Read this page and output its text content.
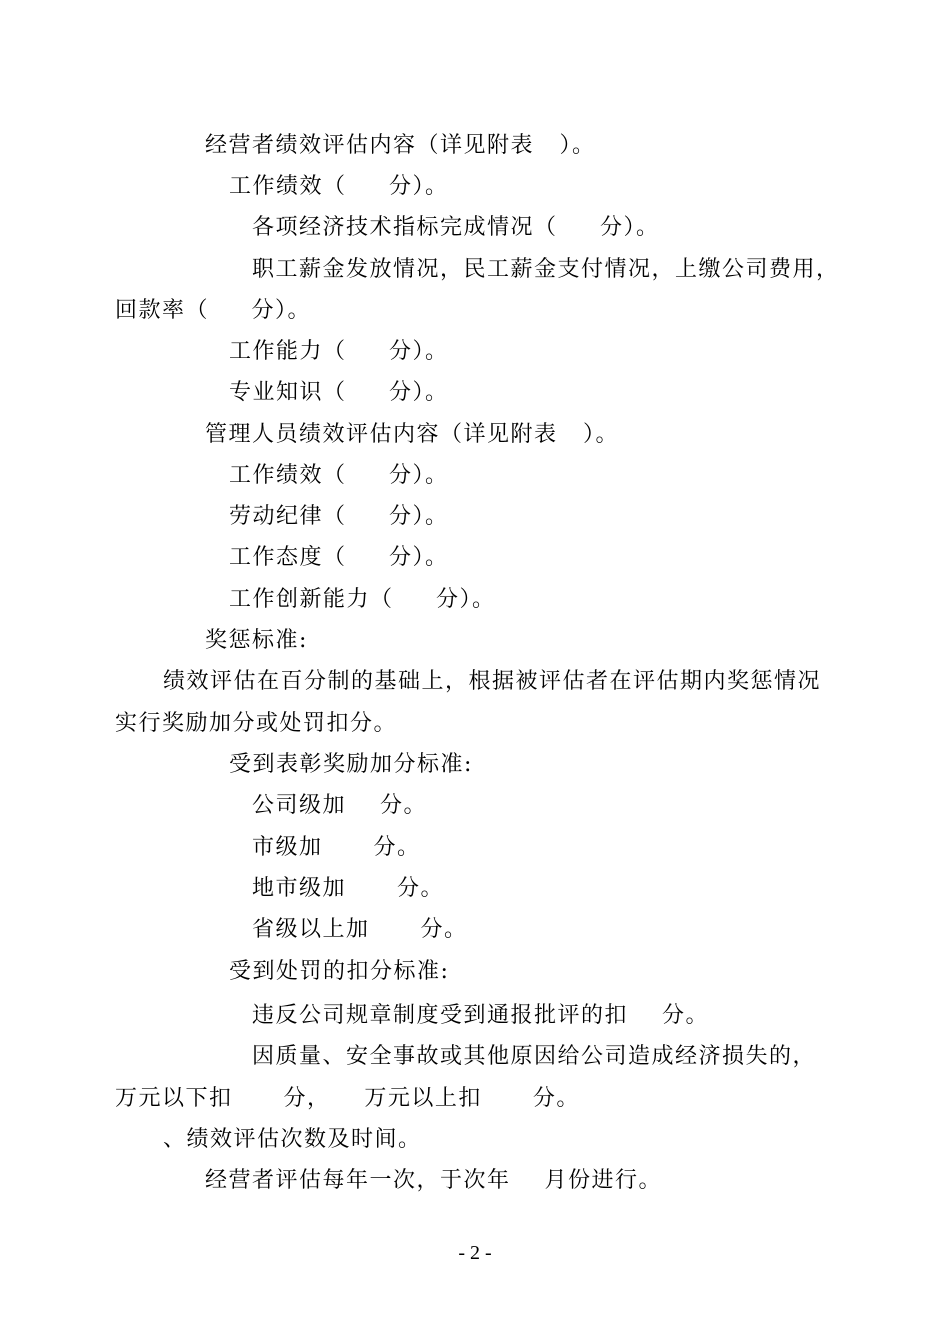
经营者绩效评估内容（详见附表   ）。
工作绩效（     分）。
各项经济技术指标完成情况（     分）。
职工薪金发放情况，民工薪金支付情况，上缴公司费用，
回款率（     分）。
工作能力（     分）。
专业知识（     分）。
管理人员绩效评估内容（详见附表   ）。
工作绩效（     分）。
劳动纪律（     分）。
工作态度（     分）。
工作创新能力（     分）。
奖惩标准:
绩效评估在百分制的基础上，根据被评估者在评估期内奖惩情况
实行奖励加分或处罚扣分。
受到表彰奖励加分标准:
公司级加    分。
市级加      分。
地市级加      分。
省级以上加      分。
受到处罚的扣分标准:
违反公司规章制度受到通报批评的扣    分。
因质量、安全事故或其他原因给公司造成经济损失的，
万元以下扣      分，    万元以上扣      分。
、绩效评估次数及时间。
经营者评估每年一次，于次年    月份进行。
- 2 -
